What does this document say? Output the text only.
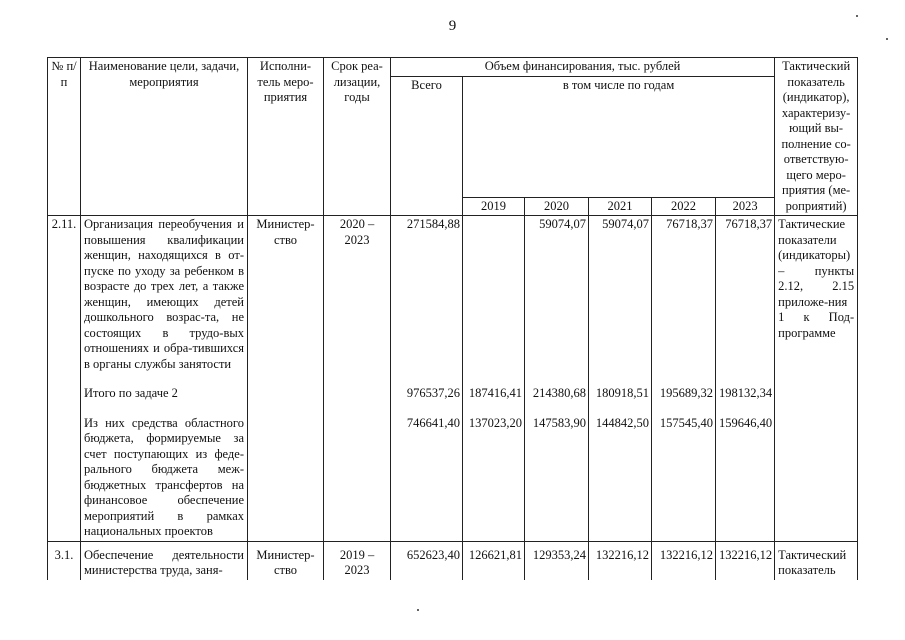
9
№ п/п	Наименование цели, задачи, мероприятия	Исполни-тель меро-приятия	Срок реа-лизации, годы	Объем финансирования, тыс. рублей						Тактический показатель (индикатор), характеризу-ющий вы-полнение со-ответствую-щего меро-приятия (ме-роприятий)
				Всего	в том числе по годам					
					2019	2020	2021	2022	2023	
2.11.	Организация переобучения и повышения квалификации женщин, находящихся в от-пуске по уходу за ребенком в возрасте до трех лет, а также женщин, имеющих детей дошкольного возрас-та, не состоящих в трудо-вых отношениях и обра-тившихся в органы службы занятости	Министер-ство	2020 – 2023	271584,88		59074,07	59074,07	76718,37	76718,37	Тактические показатели (индикаторы) – пункты 2.12, 2.15 приложе-ния 1 к Под-программе

	Итого по задаче 2			976537,26	187416,41	214380,68	180918,51	195689,32	198132,34	

	Из них средства областного бюджета, формируемые за счет поступающих из феде-рального бюджета меж-бюджетных трансфертов на финансовое обеспечение мероприятий в рамках национальных проектов			746641,40	137023,20	147583,90	144842,50	157545,40	159646,40	
3.1.	Обеспечение деятельности министерства труда, заня-	Министер-ство	2019 – 2023	652623,40	126621,81	129353,24	132216,12	132216,12	132216,12	Тактический показатель
